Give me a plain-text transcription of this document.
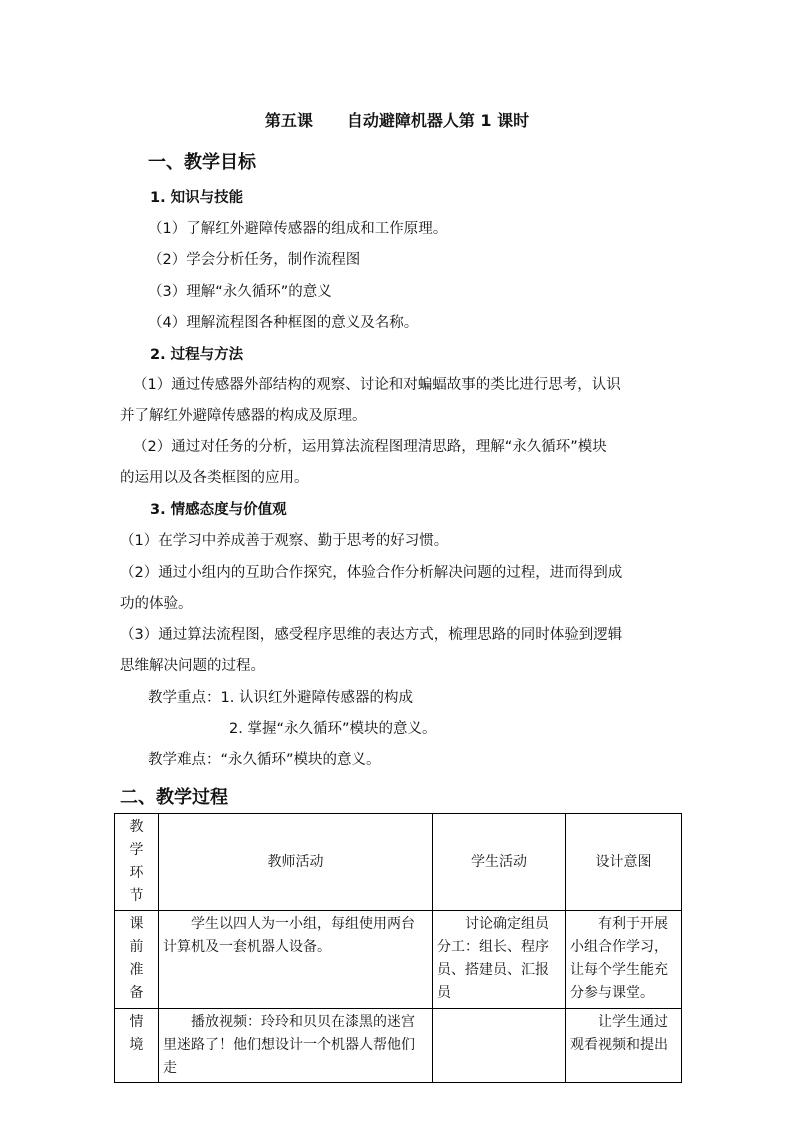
第五课 自动避障机器人第 1 课时
一、教学目标
1. 知识与技能
（1）了解红外避障传感器的组成和工作原理。
（2）学会分析任务，制作流程图
（3）理解“永久循环”的意义
（4）理解流程图各种框图的意义及名称。
2. 过程与方法
（1）通过传感器外部结构的观察、讨论和对蝙蝠故事的类比进行思考，认识
并了解红外避障传感器的构成及原理。
（2）通过对任务的分析，运用算法流程图理清思路，理解“永久循环”模块
的运用以及各类框图的应用。
3. 情感态度与价值观
（1）在学习中养成善于观察、勤于思考的好习惯。
（2）通过小组内的互助合作探究，体验合作分析解决问题的过程，进而得到成
功的体验。
（3）通过算法流程图，感受程序思维的表达方式，梳理思路的同时体验到逻辑
思维解决问题的过程。
教学重点：1. 认识红外避障传感器的构成
2. 掌握“永久循环”模块的意义。
教学难点：“永久循环”模块的意义。
二、教学过程
教学环节	教师活动	学生活动	设计意图

课前准备	学生以四人为一小组，每组使用两台计算机及一套机器人设备。	讨论确定组员分工：组长、程序员、搭建员、汇报员	有利于开展小组合作学习，让每个学生能充分参与课堂。

情境	播放视频：玲玲和贝贝在漆黑的迷宫里迷路了！他们想设计一个机器人帮他们走		让学生通过观看视频和提出
